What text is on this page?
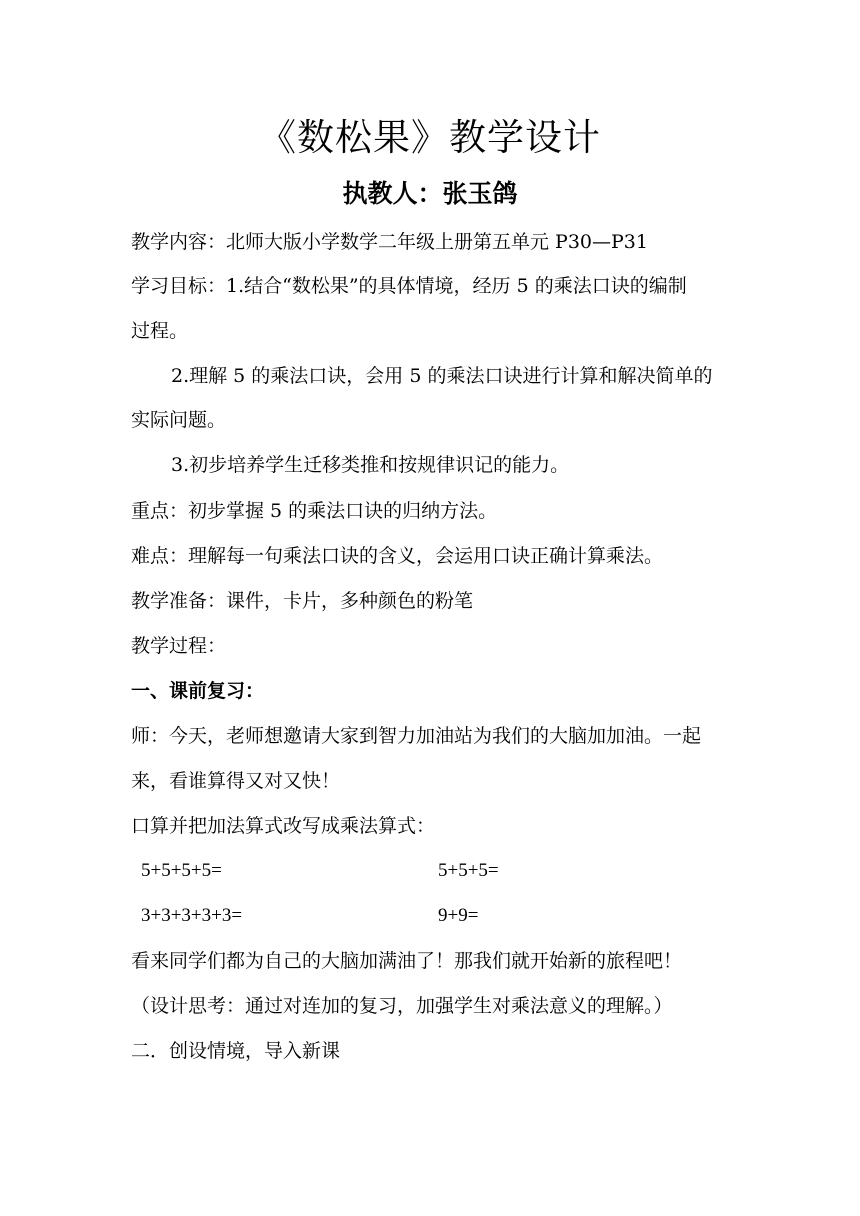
《数松果》教学设计
执教人：张玉鸽
教学内容：北师大版小学数学二年级上册第五单元 P30—P31
学习目标：1.结合“数松果”的具体情境，经历 5 的乘法口诀的编制
过程。
2.理解 5 的乘法口诀，会用 5 的乘法口诀进行计算和解决简单的
实际问题。
3.初步培养学生迁移类推和按规律识记的能力。
重点：初步掌握 5 的乘法口诀的归纳方法。
难点：理解每一句乘法口诀的含义，会运用口诀正确计算乘法。
教学准备：课件，卡片，多种颜色的粉笔
教学过程：
一、课前复习：
师：今天，老师想邀请大家到智力加油站为我们的大脑加加油。一起
来，看谁算得又对又快！
口算并把加法算式改写成乘法算式：
5+5+5+5=	5+5+5=
3+3+3+3+3=	9+9=
看来同学们都为自己的大脑加满油了！那我们就开始新的旅程吧！
（设计思考：通过对连加的复习，加强学生对乘法意义的理解。）
二．创设情境，导入新课
